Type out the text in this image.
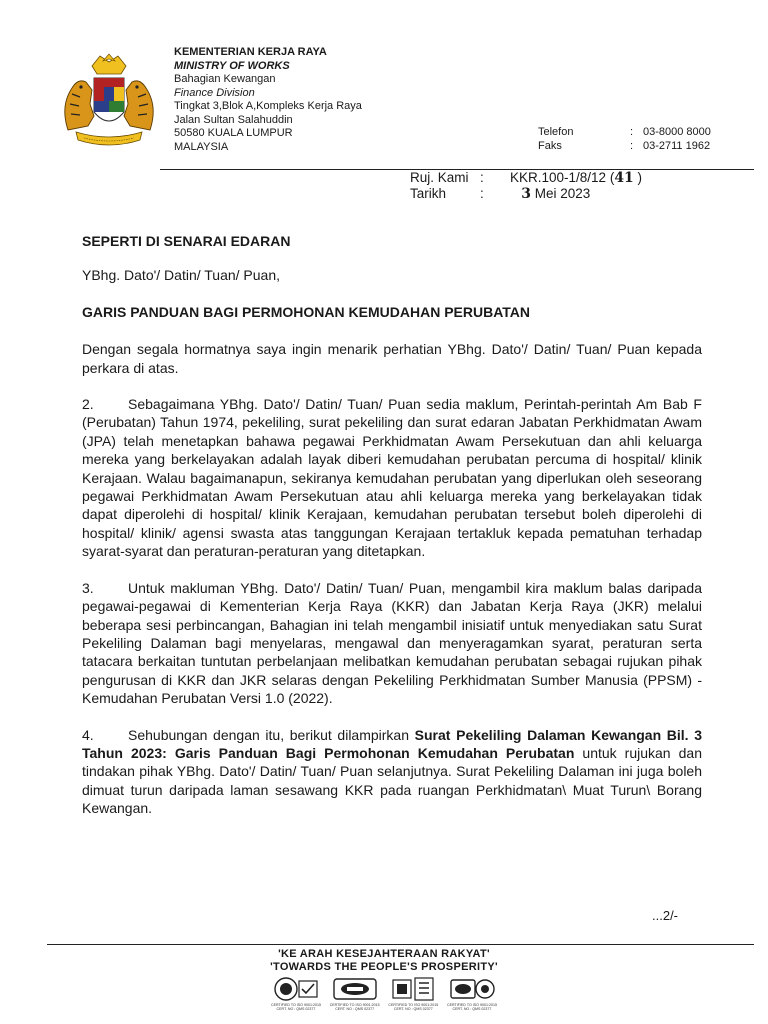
KEMENTERIAN KERJA RAYA
MINISTRY OF WORKS
Bahagian Kewangan
Finance Division
Tingkat 3,Blok A,Kompleks Kerja Raya
Jalan Sultan Salahuddin
50580 KUALA LUMPUR
MALAYSIA
Telefon	: 03-8000 8000
Faks	: 03-2711 1962
Ruj. Kami :	KKR.100-1/8/12 (41 )
Tarikh	:	3 Mei 2023

SEPERTI DI SENARAI EDARAN

YBhg. Dato'/ Datin/ Tuan/ Puan,

GARIS PANDUAN BAGI PERMOHONAN KEMUDAHAN PERUBATAN

Dengan segala hormatnya saya ingin menarik perhatian YBhg. Dato'/ Datin/ Tuan/ Puan kepada perkara di atas.

2. Sebagaimana YBhg. Dato'/ Datin/ Tuan/ Puan sedia maklum, Perintah-perintah Am Bab F (Perubatan) Tahun 1974, pekeliling, surat pekeliling dan surat edaran Jabatan Perkhidmatan Awam (JPA) telah menetapkan bahawa pegawai Perkhidmatan Awam Persekutuan dan ahli keluarga mereka yang berkelayakan adalah layak diberi kemudahan perubatan percuma di hospital/ klinik Kerajaan. Walau bagaimanapun, sekiranya kemudahan perubatan yang diperlukan oleh seseorang pegawai Perkhidmatan Awam Persekutuan atau ahli keluarga mereka yang berkelayakan tidak dapat diperolehi di hospital/ klinik Kerajaan, kemudahan perubatan tersebut boleh diperolehi di hospital/ klinik/ agensi swasta atas tanggungan Kerajaan tertakluk kepada pematuhan terhadap syarat-syarat dan peraturan-peraturan yang ditetapkan.

3. Untuk makluman YBhg. Dato'/ Datin/ Tuan/ Puan, mengambil kira maklum balas daripada pegawai-pegawai di Kementerian Kerja Raya (KKR) dan Jabatan Kerja Raya (JKR) melalui beberapa sesi perbincangan, Bahagian ini telah mengambil inisiatif untuk menyediakan satu Surat Pekeliling Dalaman bagi menyelaras, mengawal dan menyeragamkan syarat, peraturan serta tatacara berkaitan tuntutan perbelanjaan melibatkan kemudahan perubatan sebagai rujukan pihak pengurusan di KKR dan JKR selaras dengan Pekeliling Perkhidmatan Sumber Manusia (PPSM) - Kemudahan Perubatan Versi 1.0 (2022).

4. Sehubungan dengan itu, berikut dilampirkan Surat Pekeliling Dalaman Kewangan Bil. 3 Tahun 2023: Garis Panduan Bagi Permohonan Kemudahan Perubatan untuk rujukan dan tindakan pihak YBhg. Dato'/ Datin/ Tuan/ Puan selanjutnya. Surat Pekeliling Dalaman ini juga boleh dimuat turun daripada laman sesawang KKR pada ruangan Perkhidmatan\ Muat Turun\ Borang Kewangan.

...2/-
'KE ARAH KESEJAHTERAAN RAKYAT'
'TOWARDS THE PEOPLE'S PROSPERITY'
CERTIFIED TO ISO 9001:2015
CERT. NO : QMS 02377
CERTIFIED TO ISO 9001:2015
CERT. NO : QMS 02377
CERTIFIED TO ISO 9001:2015
CERT. NO : QMS 02377
CERTIFIED TO ISO 9001:2015
CERT. NO : QMS 02377
